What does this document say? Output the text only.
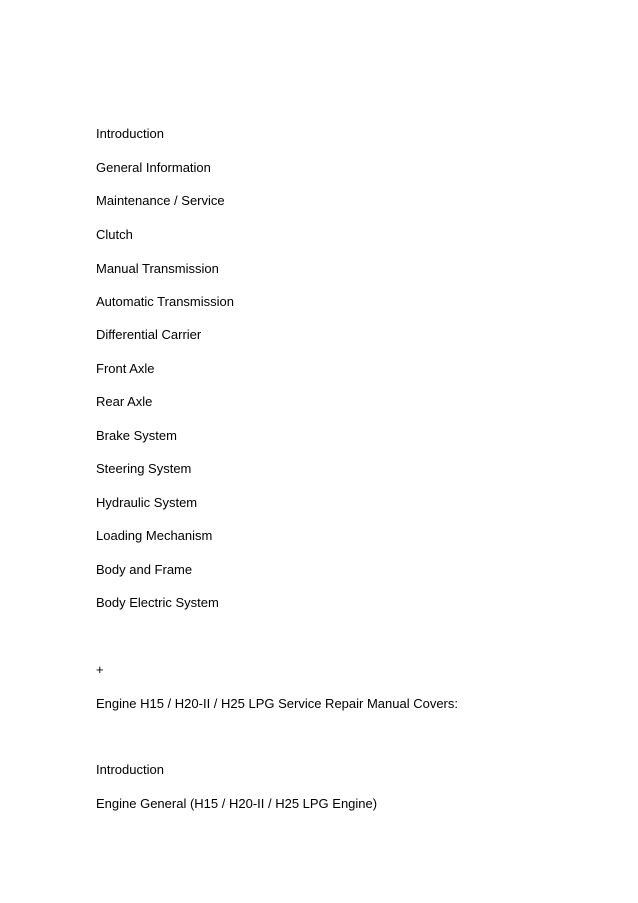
Introduction
General Information
Maintenance / Service
Clutch
Manual Transmission
Automatic Transmission
Differential Carrier
Front Axle
Rear Axle
Brake System
Steering System
Hydraulic System
Loading Mechanism
Body and Frame
Body Electric System
+
Engine H15 / H20-II / H25 LPG Service Repair Manual Covers:
Introduction
Engine General (H15 / H20-II / H25 LPG Engine)
